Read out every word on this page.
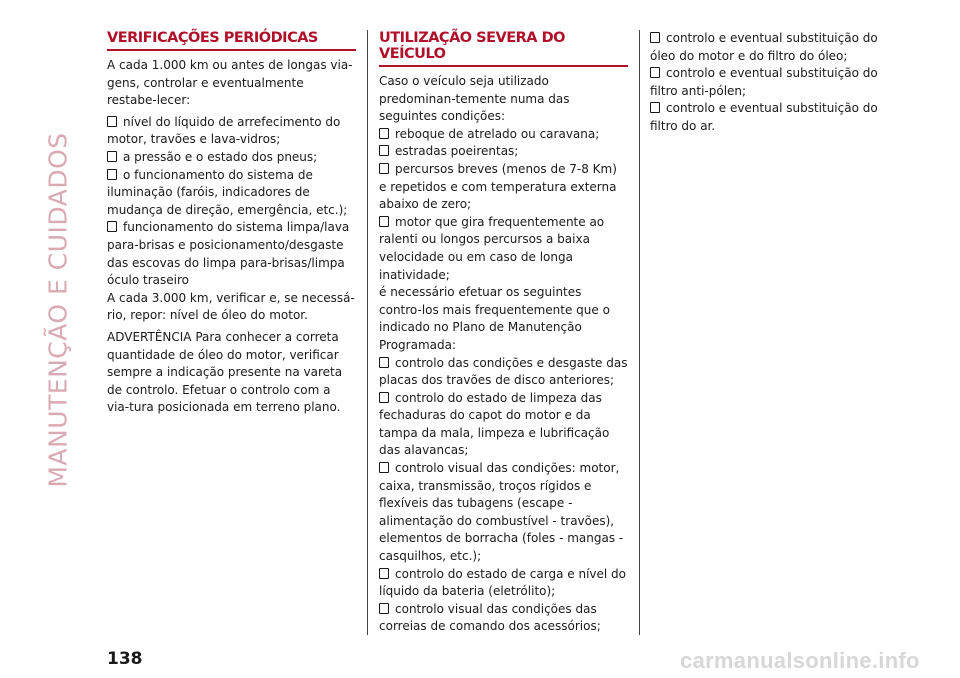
MANUTENÇÃO E CUIDADOS
VERIFICAÇÕES PERIÓDICAS

A cada 1.000 km ou antes de longas via-gens, controlar e eventualmente restabe-lecer:

nível do líquido de arrefecimento do motor, travões e lava-vidros;
a pressão e o estado dos pneus;
o funcionamento do sistema de iluminação (faróis, indicadores de mudança de direção, emergência, etc.);
funcionamento do sistema limpa/lava para-brisas e posicionamento/desgaste das escovas do limpa para-brisas/limpa óculo traseiro

A cada 3.000 km, verificar e, se necessá-rio, repor: nível de óleo do motor.

ADVERTÊNCIA Para conhecer a correta quantidade de óleo do motor, verificar sempre a indicação presente na vareta de controlo. Efetuar o controlo com a via-tura posicionada em terreno plano.

UTILIZAÇÃO SEVERA DO VEÍCULO

Caso o veículo seja utilizado predominan-temente numa das seguintes condições:

reboque de atrelado ou caravana;
estradas poeirentas;
percursos breves (menos de 7-8 Km) e repetidos e com temperatura externa abaixo de zero;
motor que gira frequentemente ao ralenti ou longos percursos a baixa velocidade ou em caso de longa inatividade;

é necessário efetuar os seguintes contro-los mais frequentemente que o indicado no Plano de Manutenção Programada:

controlo das condições e desgaste das placas dos travões de disco anteriores;
controlo do estado de limpeza das fechaduras do capot do motor e da tampa da mala, limpeza e lubrificação das alavancas;
controlo visual das condições: motor, caixa, transmissão, troços rígidos e flexíveis das tubagens (escape - alimentação do combustível - travões), elementos de borracha (foles - mangas - casquilhos, etc.);
controlo do estado de carga e nível do líquido da bateria (eletrólito);
controlo visual das condições das correias de comando dos acessórios;
controlo e eventual substituição do óleo do motor e do filtro do óleo;
controlo e eventual substituição do filtro anti-pólen;
controlo e eventual substituição do filtro do ar.
138	carmanualsonline.info
